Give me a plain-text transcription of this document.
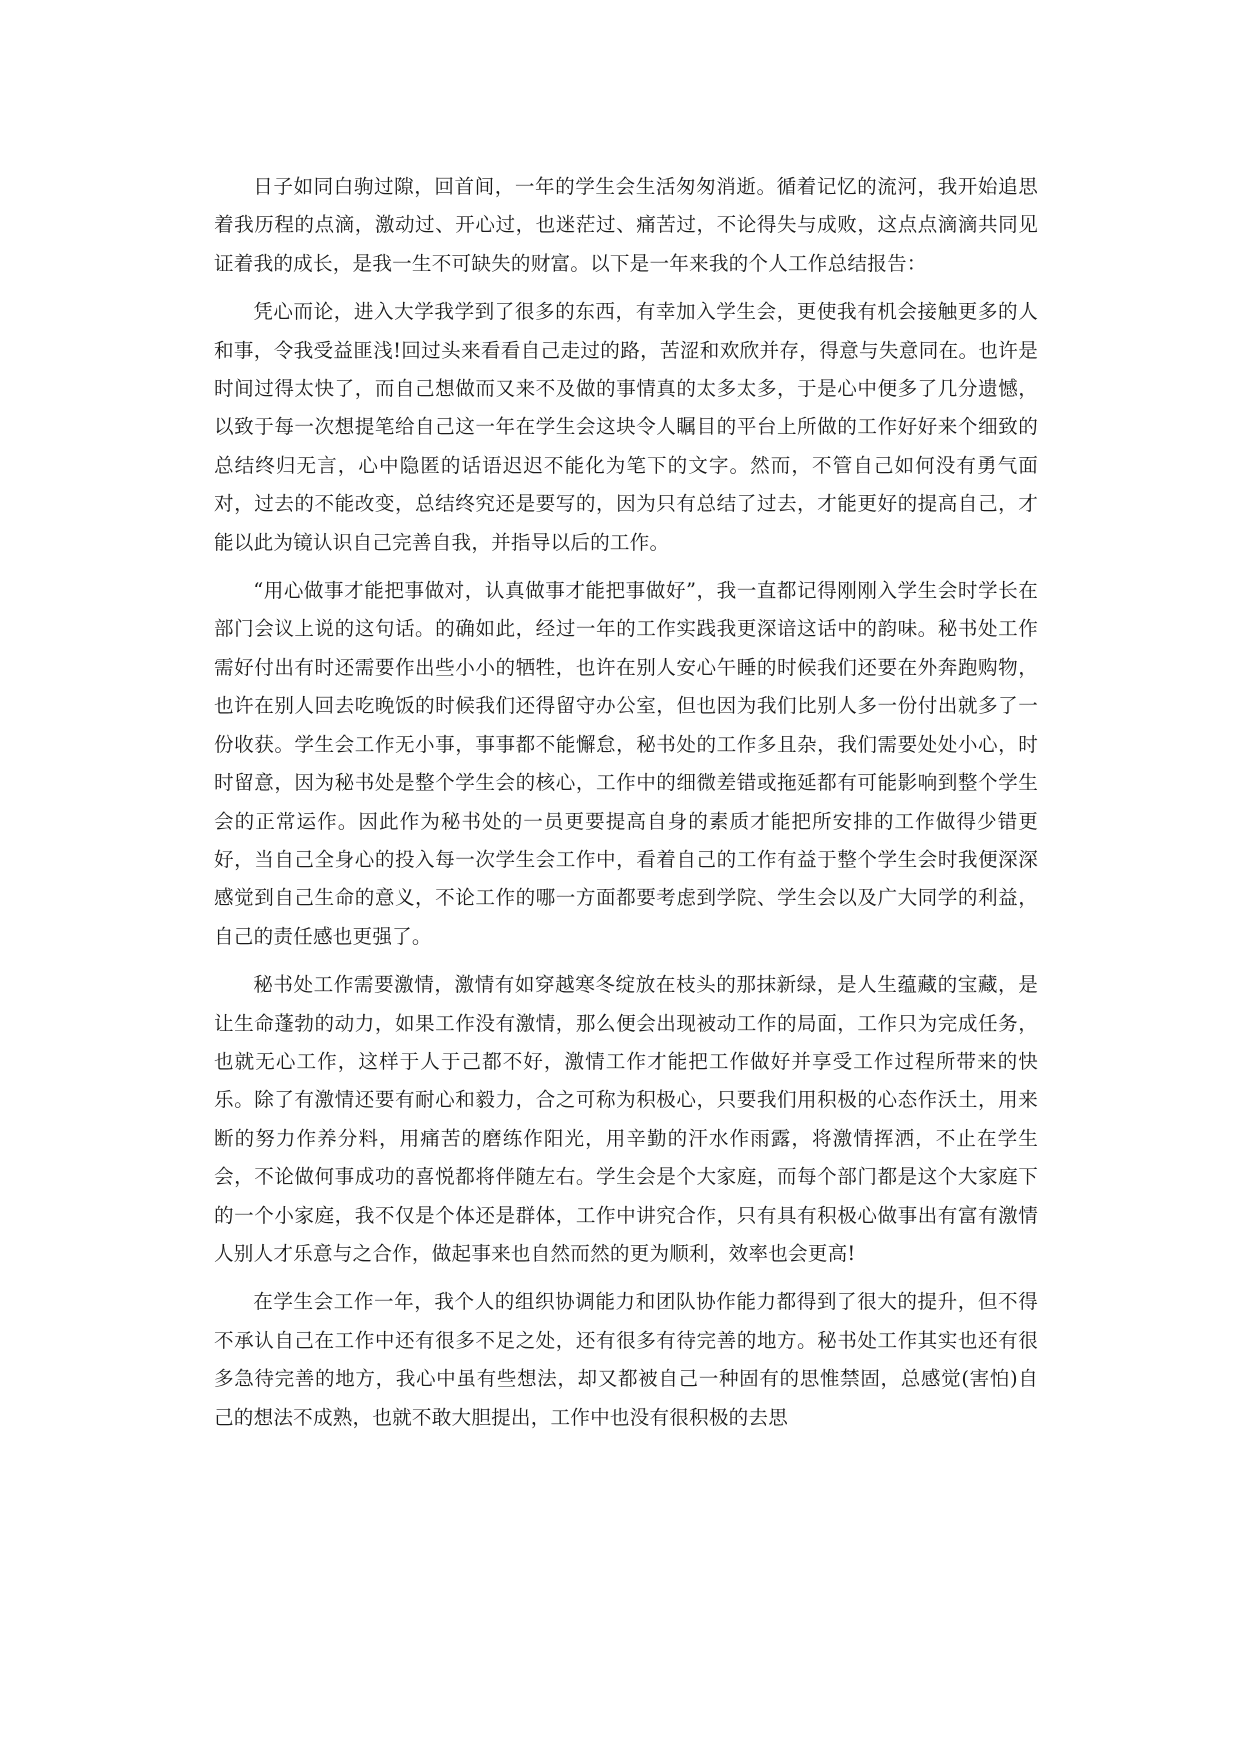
日子如同白驹过隙，回首间，一年的学生会生活匆匆消逝。循着记忆的流河，我开始追思着我历程的点滴，激动过、开心过，也迷茫过、痛苦过，不论得失与成败，这点点滴滴共同见证着我的成长，是我一生不可缺失的财富。以下是一年来我的个人工作总结报告：

凭心而论，进入大学我学到了很多的东西，有幸加入学生会，更使我有机会接触更多的人和事，令我受益匪浅!回过头来看看自己走过的路，苦涩和欢欣并存，得意与失意同在。也许是时间过得太快了，而自己想做而又来不及做的事情真的太多太多，于是心中便多了几分遗憾，以致于每一次想提笔给自己这一年在学生会这块令人瞩目的平台上所做的工作好好来个细致的总结终归无言，心中隐匿的话语迟迟不能化为笔下的文字。然而，不管自己如何没有勇气面对，过去的不能改变，总结终究还是要写的，因为只有总结了过去，才能更好的提高自己，才能以此为镜认识自己完善自我，并指导以后的工作。

“用心做事才能把事做对，认真做事才能把事做好”，我一直都记得刚刚入学生会时学长在部门会议上说的这句话。的确如此，经过一年的工作实践我更深谙这话中的韵味。秘书处工作需好付出有时还需要作出些小小的牺牲，也许在别人安心午睡的时候我们还要在外奔跑购物，也许在别人回去吃晚饭的时候我们还得留守办公室，但也因为我们比别人多一份付出就多了一份收获。学生会工作无小事，事事都不能懈怠，秘书处的工作多且杂，我们需要处处小心，时时留意，因为秘书处是整个学生会的核心，工作中的细微差错或拖延都有可能影响到整个学生会的正常运作。因此作为秘书处的一员更要提高自身的素质才能把所安排的工作做得少错更好，当自己全身心的投入每一次学生会工作中，看着自己的工作有益于整个学生会时我便深深感觉到自己生命的意义，不论工作的哪一方面都要考虑到学院、学生会以及广大同学的利益，自己的责任感也更强了。

秘书处工作需要激情，激情有如穿越寒冬绽放在枝头的那抹新绿，是人生蕴藏的宝藏，是让生命蓬勃的动力，如果工作没有激情，那么便会出现被动工作的局面，工作只为完成任务，也就无心工作，这样于人于己都不好，激情工作才能把工作做好并享受工作过程所带来的快乐。除了有激情还要有耐心和毅力，合之可称为积极心，只要我们用积极的心态作沃土，用来断的努力作养分料，用痛苦的磨练作阳光，用辛勤的汗水作雨露，将激情挥洒，不止在学生会，不论做何事成功的喜悦都将伴随左右。学生会是个大家庭，而每个部门都是这个大家庭下的一个小家庭，我不仅是个体还是群体，工作中讲究合作，只有具有积极心做事出有富有激情人别人才乐意与之合作，做起事来也自然而然的更为顺利，效率也会更高!

在学生会工作一年，我个人的组织协调能力和团队协作能力都得到了很大的提升，但不得不承认自己在工作中还有很多不足之处，还有很多有待完善的地方。秘书处工作其实也还有很多急待完善的地方，我心中虽有些想法，却又都被自己一种固有的思惟禁固，总感觉(害怕)自己的想法不成熟，也就不敢大胆提出，工作中也没有很积极的去思
